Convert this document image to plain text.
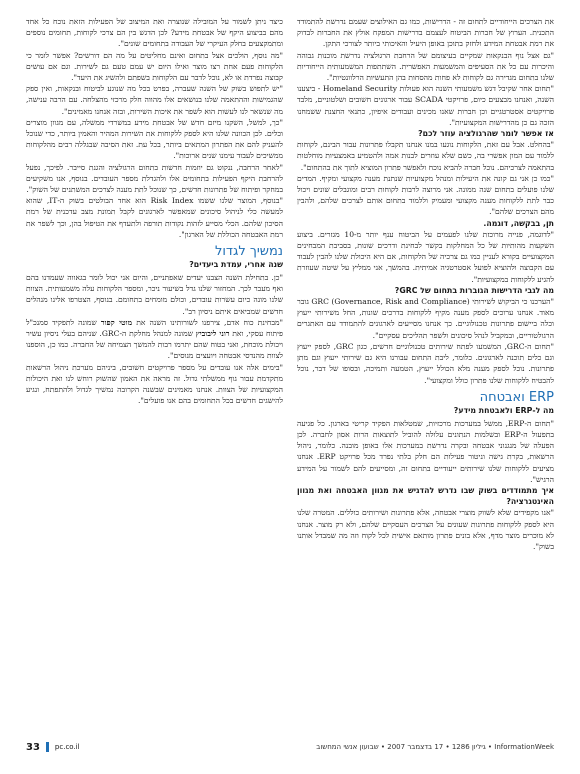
את הצרכים הייחודיים לתחום זה - הדרישות, כמו גם האילוצים שעמם נדרשת להתמודד התכנית. הערוץ של חברות הביטוח לעצמם בדרישות המפקח אולץ את החברות לבדוק את רמת אבטחת המידע ולחזק בתוכן באופן היעיל והאיכותי ביותר לצורכי התקן.

"גם אצל נוף הבנקאות שמקיים בעיצומם של הרחבת הרגולציה נדרשת מוכנות גבוהה והיכרות עם כל את הסעיפים והמשמעות האפשרית. השתתפות המשמעותית הייחודיות שלנו בתחום מגדירה גם לקוחות לא פחות מהסחות בהן התעשיות הרלוונטיות".

"תחום אחר שקיבל דגש משמעותי השנה הוא פעולות Homeland Security - ביצענו השנה, ואנחנו מבצעים כיום, פרויקטי SCADA עבור ארגונים חשובים ושלטוניים, מלבד פרויקטים אסטרטגיים וכן חברות שאנו מכינים ועבודים איפיון, כתנאי החצנת ששמחנו הזכה גם כן מהדרישות המקצועיות".

אז אפשר לומר שהרגולציה עוזר לכם?

"בהחלט. אבל עם זאת, הלקוחות נוגעו במנו אנחנו תקבלו פתרונות עבור הבינם, לקוחות ללמוד עם המון אפשרי בה, כשם שלא עוזרים לבנות אמה ולהטמיע באמצעיות מוחלטות בהתאמה לצרכיהם. נוכל חברה להביא נוכח ולאפשר פתרון המוציא לתוך את בהתחום".

"כמו כן אני גם קונה את היעילות ומנהל מקצועיות שנתנת מענה מקצועי ומקיף. המדים שלנו פועלים בתחום שנה ממונה. אני מרוצה לרבות לקוחות רבים ומוגבלים שונים ויכול כבר לתת ללקוחות מענה מקצועי ומעמיק וללמוד בתחום אותם לצרכים שלהם, ולהבין מהם הצרכים שלהם".

תן, בבקשה, דוגמה.

"לדוגמה, פנייה מרוכזת שלנו לפעמים על הביטוח ענף יותר מ-10 מגזרים. ביצוע השקעות מהותיות של כל המחלקות בקשר לבחינת ודרכים שונות, בסביבת המבחינים המקצועיים בקורא לעניין כמו גם צרכיה של הלקוחות, אם היא היכולת שלנו להבין לעבוד עם הקבוצה ולהוציא לפועל אסטרטגיה אמיתית. בהמשך, אני ממליץ על שיטה שעוזרת להגיע ללקוחות במקצועיות".

מה לגבי הדרישות הגוברות בתחום של GRC?

"הערכנו כי הביקוש לשירותי GRC (Governance, Risk and Compliance) גובר מאוד. אנחנו ערוכים לספק מענה מקיף ללקוחות בדרכים שונות, החל משירותי ייעוץ וכלה ביישום פתרונות טכנולוגיים. כך אנחנו מסייעים לארגונים להתמודד עם האתגרים הרגולטוריים, ובמקביל לנהל סיכונים ולשפר תהליכים עסקיים".

"תחום ה-GRC, המשמעו לפתח שירותים טכנולוגיים חדשים, כגון GRC, לספק ייעוץ וגם כלים תוכנה לארגונים. כלומר, ליבת התחום עבורנו היא גם שירותי ייעוץ וגם מתן פתרונות. נוכל לספק מענה מלא הכולל ייעוץ, הטמעה ותמיכה, ובסופו של דבר, נוכל להבטיח ללקוחות שלנו פתרון כולל ומקצועי".

ERP ואבטחה
מה ל-ERP ולאבטחת מידע?

"תחום ה-ERP, ממשל במערכות מרכזיות, שמטלאות הפקיד קריטי בארגון. כל פגיעה בתפעול ה-ERP ובשלמות הנתונים עלולה להוביל לתוצאות הרות אסון לחברה. לכן הפעלה של מנגנוני אבטחה ובקרה נדרשת במערכות אלו באופן מובנה. כלומר, ניהול הרשאות, בקרת גישה וניטור פעילות הם חלק בלתי נפרד מכל פרויקט ERP. אנחנו מציעים ללקוחות שלנו שירותים ייעודיים בתחום זה, ומסייעים להם לשמור על המידע הרגיש".

איך מתמודדים בשוק שבו נדרש להדגיש את מגוון האבטחה ואת מגוון האינטגרציה?

"אנו מקפידים שלא לשווק מוצרי אבטחה, אלא פתרונות ושירותים כוללים. המטרה שלנו היא לספק ללקוחות פתרונות שעונים על הצרכים העסקיים שלהם, ולא רק מוצר. אנחנו לא מוכרים מוצר מדף, אלא בונים פתרון מותאם אישית לכל לקוח וזה מה שמבדל אותנו בשוק".

כיצד ניתן לשמור על המובילה שנוצרה ואת המיצוב של הפעילות הזאת נוכח כל אחד מהם בביצוע היקף של אבטחת מידע? לכן הדגש בין הם צרכי לקוחות, תחומים נוספים ומתמקצעים בחלק העיקרי של העבודה בתחומים שונים".

"מה נוסף, הולכים אצל בתחום ואינם מחליטים על מה הם דורשים? אפשר לומר כי הלקוחות פעם אחת רצו מוצר ואילו היום יש עמם טעם גם לשירות. וגם אם עושים קבוצה נפרדת או לא, נוכל לדבר עם הלקוחות בשפתם ולהשיג את היעד".

"יש לתפוש בשוק של השנה שעברה, בפרט בכל מה שנוגע לביטוח ובנקאות, ואין ספק שהגמישות וההתאמה שלנו בנושאים אלו מהווה חלק מרכזי מהצלחה. עם הרבה ענישה, מה שנשאר לנו לעשות הוא לשפר את איכות השירות, ובזה אנחנו מאמינים".

"כך, למשל, השקנו מיזם חדש של אבטחת מידע במשרדי ממשלה, עם מגוון מוצרים וכלים. לכן הכוונה שלנו היא לספק ללקוחות את השירות המהיר והאמין ביותר, כדי שנוכל להעניק להם את הפתרון המתאים ביותר, בכל עת. זאת הסיבה שבגללה רבים מהלקוחות ממשיכים לעבוד עימנו שנים ארוכות".

"לאחר הרחבה, ננקוט גם יוזמות חדשות בתחום הרגולציה והגנת סייבר. לפיכך, נפעל להרחבת היקף הפעילות בתחומים אלו ולהגדלת מספר העובדים. בנוסף, אנו משקיעים במחקר ופיתוח של פתרונות חדשים, כך שנוכל לתת מענה לצרכים המשתנים של השוק".

"בנוסף, המוצר שלנו ששמו Risk Index הוא אחד הבולטים בשוק ה-IT, שהוא למעשה כלי לניהול סיכונים שמאפשר לארגונים לקבל תמונת מצב עדכנית של רמת הסיכון שלהם. הכלי מסייע לזהות נקודות תורפה ולתעדף את הטיפול בהן, וכך לשפר את רמת האבטחה הכוללת של הארגון".

נמשיך לגדול
שנה אחרי, עמדת ביעדים?

"כן. בתחילת השנה הצבנו יעדים שאפתניים, והיום אני יכול לומר בגאווה שעמדנו בהם ואף מעבר לכך. המחזור שלנו גדל בשיעור ניכר, ומספר הלקוחות עלה משמעותית. הצוות שלנו מונה כיום עשרות עובדים, וכולם מומחים בתחומם. בנוסף, הצטרפו אלינו מנהלים חדשים שמביאים איתם ניסיון רב".

"מבחינת כוח אדם, צירפנו לשורותינו השנה את מוטי קפור שמונה לתפקיד סמנכ"ל פיתוח עסקי, ואת רוני ליבוביץ שמונה למנהל מחלקת ה-GRC. שניהם בעלי ניסיון עשיר ויכולת מוכחת, ואני בטוח שהם יתרמו רבות להמשך הצמיחה של החברה. כמו כן, הוספנו לצוות מהנדסי אבטחה ויועצים מנוסים".

"בימים אלה אנו עובדים על מספר פרויקטים חשובים, ביניהם מערכת ניהול הרשאות מתקדמת עבור גוף ממשלתי גדול. זה מראה את האמון שהשוק רוחש לנו ואת היכולות המקצועיות של הצוות. אנחנו מאמינים שבשנה הקרובה נמשיך לגדול ולהתפתח, ונגיע להישגים חדשים בכל התחומים בהם אנו פועלים".

33 pc.co.il	InformationWeek • גיליון 1286 • 17 בדצמבר 2007 • שבועון אנשי המחשוב
